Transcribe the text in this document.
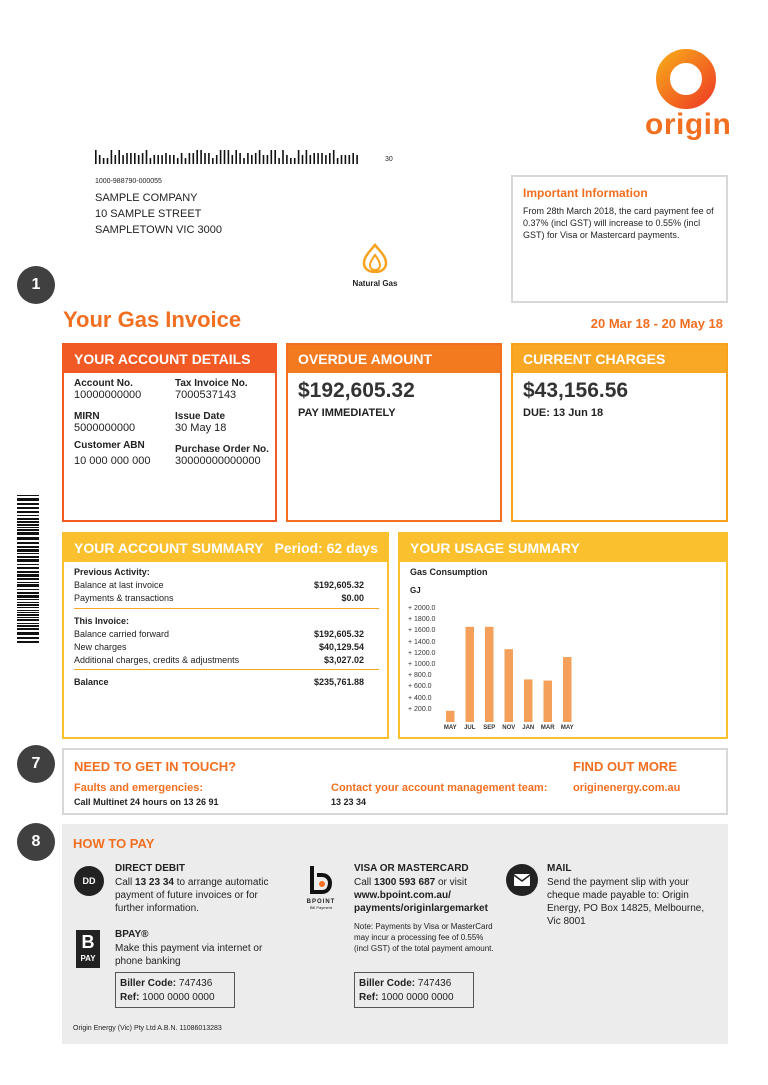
origin
30
1000-988790-000055
SAMPLE COMPANY
10 SAMPLE STREET
SAMPLETOWN VIC 3000
Natural Gas
Important Information
From 28th March 2018, the card payment fee of 0.37% (incl GST) will increase to 0.55% (incl GST) for Visa or Mastercard payments.
1
7
8
Your Gas Invoice	20 Mar 18 - 20 May 18
YOUR ACCOUNT DETAILS
Account No.
10000000000
Tax Invoice No.
7000537143
MIRN
5000000000
Issue Date
30 May 18
Customer ABN
10 000 000 000
Purchase Order No.
30000000000000
OVERDUE AMOUNT
$192,605.32
PAY IMMEDIATELY
CURRENT CHARGES
$43,156.56
DUE: 13 Jun 18
YOUR ACCOUNT SUMMARY Period: 62 days
Previous Activity:
Balance at last invoice	$192,605.32
Payments & transactions	$0.00
This Invoice:
Balance carried forward	$192,605.32
New charges	$40,129.54
Additional charges, credits & adjustments	$3,027.02
Balance	$235,761.88
YOUR USAGE SUMMARY
Gas Consumption
GJ
+ 2000.0
+ 1800.0
+ 1600.0
+ 1400.0
+ 1200.0
+ 1000.0
+ 800.0
+ 600.0
+ 400.0
+ 200.0
MAY	JUL	SEP	NOV	JAN	MAR	MAY
NEED TO GET IN TOUCH?	FIND OUT MORE
Faults and emergencies:
Call Multinet 24 hours on 13 26 91
Contact your account management team:
13 23 34
originenergy.com.au
HOW TO PAY
DD
DIRECT DEBIT
Call 13 23 34 to arrange automatic payment of future invoices or for further information.
B
PAY
BPAY®
Make this payment via internet or phone banking
Biller Code: 747436
Ref: 1000 0000 0000
BPOINT
Bill Payment
VISA OR MASTERCARD
Call 1300 593 687 or visit www.bpoint.com.au/ payments/originlargemarket
Note: Payments by Visa or MasterCard may incur a processing fee of 0.55% (incl GST) of the total payment amount.
Biller Code: 747436
Ref: 1000 0000 0000
MAIL
Send the payment slip with your cheque made payable to: Origin Energy, PO Box 14825, Melbourne, Vic 8001
Origin Energy (Vic) Pty Ltd A.B.N. 11086013283
